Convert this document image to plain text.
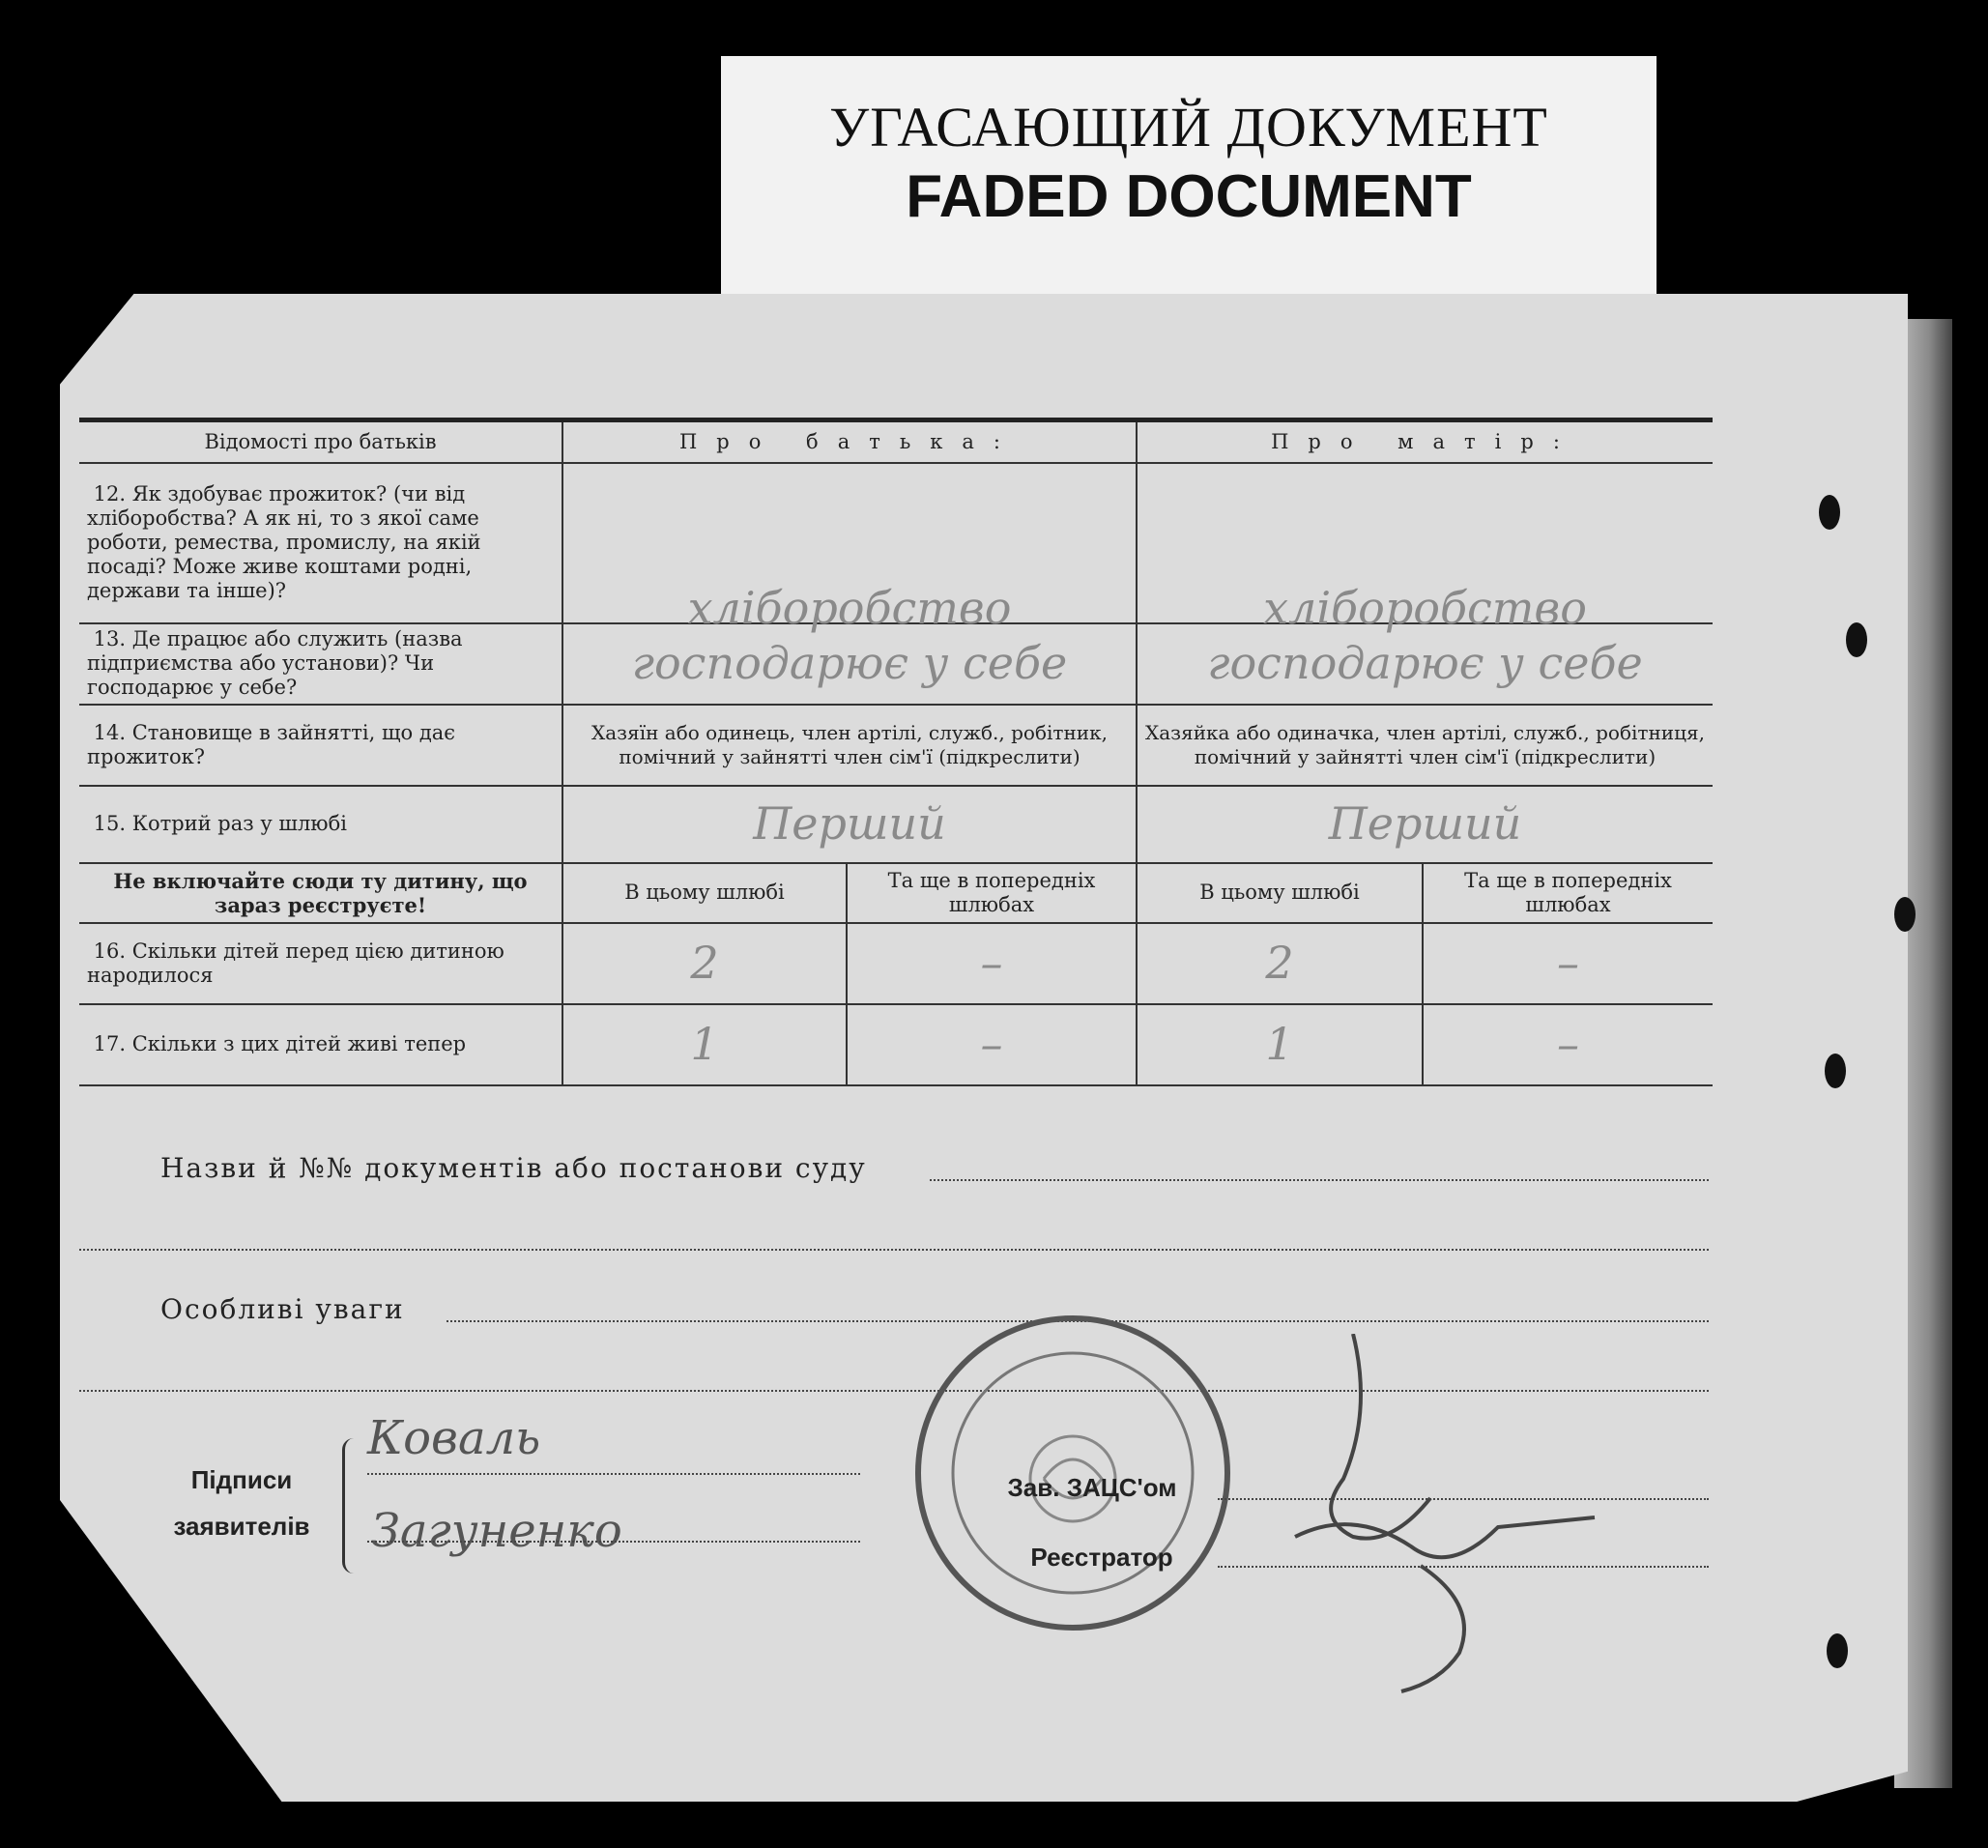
УГАСАЮЩИЙ ДОКУМЕНТ
FADED DOCUMENT
Відомості про батьків	Про батька:		Про матір:	
12. Як здобуває прожиток? (чи від хліборобства? А як ні, то з якої саме роботи, ремества, промислу, на якій посаді? Може живе коштами родні, держави та інше)?	хліборобство		хліборобство	
13. Де працює або служить (назва підприємства або установи)? Чи господарює у себе?	господарює у себе		господарює у себе	
14. Становище в зайнятті, що дає прожиток?	Хазяїн або одинець, член артілі, служб., робітник, помічний у зайнятті член сім'ї (підкреслити)		Хазяйка або одиначка, член артілі, служб., робітниця, помічний у зайнятті член сім'ї (підкреслити)	
15. Котрий раз у шлюбі	Перший		Перший	
Не включайте сюди ту дитину, що зараз реєструєте!	В цьому шлюбі	Та ще в попередніх шлюбах	В цьому шлюбі	Та ще в попередніх шлюбах
16. Скільки дітей перед цією дитиною народилося	2	–	2	–
17. Скільки з цих дітей живі тепер	1	–	1	–
Назви й №№ документів або постанови суду
Особливі уваги
Підписи
заявителів
Коваль
Загуненко
Зав. ЗАЦС'ом
Реєстратор
